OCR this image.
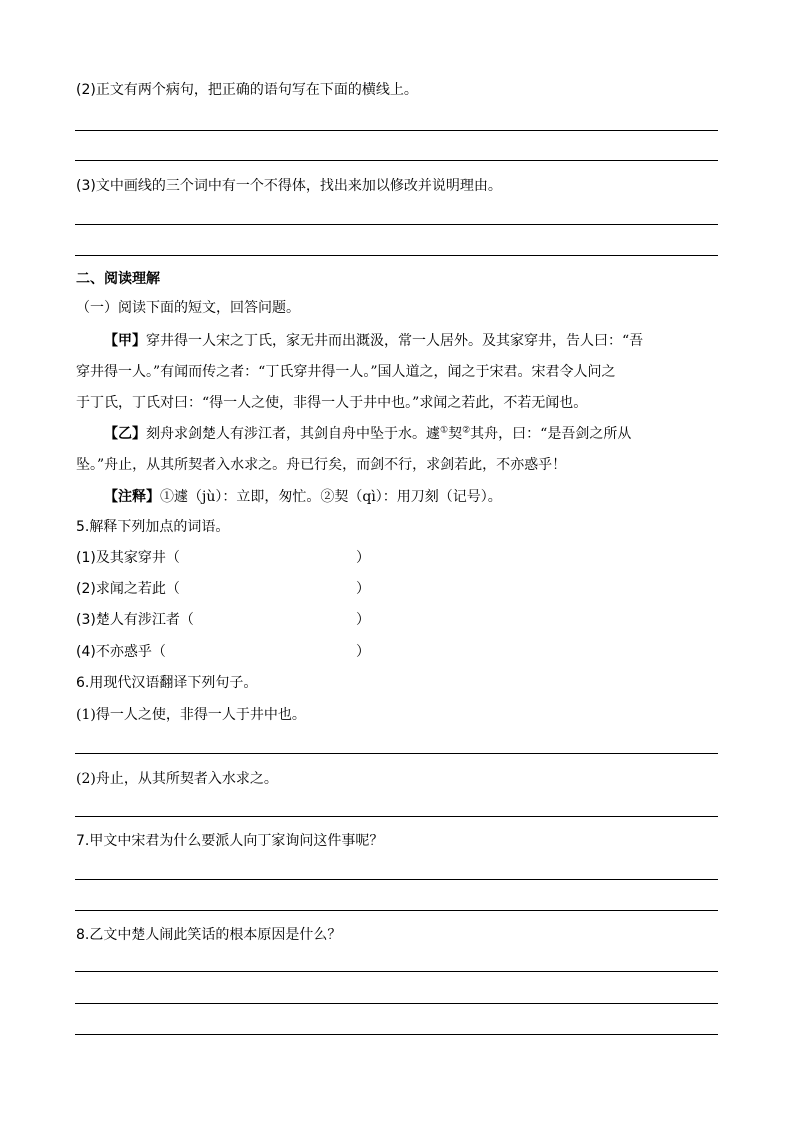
(2)正文有两个病句，把正确的语句写在下面的横线上。
(3)文中画线的三个词中有一个不得体，找出来加以修改并说明理由。
二、阅读理解
（一）阅读下面的短文，回答问题。
【甲】穿井得一人宋之丁氏，家无井而出溉汲，常一人居外。及其家穿井，告人曰：“吾
穿井得一人。”有闻而传之者：“丁氏穿井得一人。”国人道之，闻之于宋君。宋君令人问之
于丁氏，丁氏对曰：“得一人之使，非得一人于井中也。”求闻之若此，不若无闻也。
【乙】刻舟求剑楚人有涉江者，其剑自舟中坠于水。遽①契②其舟，曰：“是吾剑之所从
坠。”舟止，从其所契者入水求之。舟已行矣，而剑不行，求剑若此，不亦惑乎！
【注释】①遽（jù）：立即，匆忙。②契（qì）：用刀刻（记号）。
5.解释下列加点的词语。
(1)及其家穿井（	）
(2)求闻之若此（	）
(3)楚人有涉江者（	）
(4)不亦惑乎（	）
6.用现代汉语翻译下列句子。
(1)得一人之使，非得一人于井中也。
(2)舟止，从其所契者入水求之。
7.甲文中宋君为什么要派人向丁家询问这件事呢？
8.乙文中楚人闹此笑话的根本原因是什么？
